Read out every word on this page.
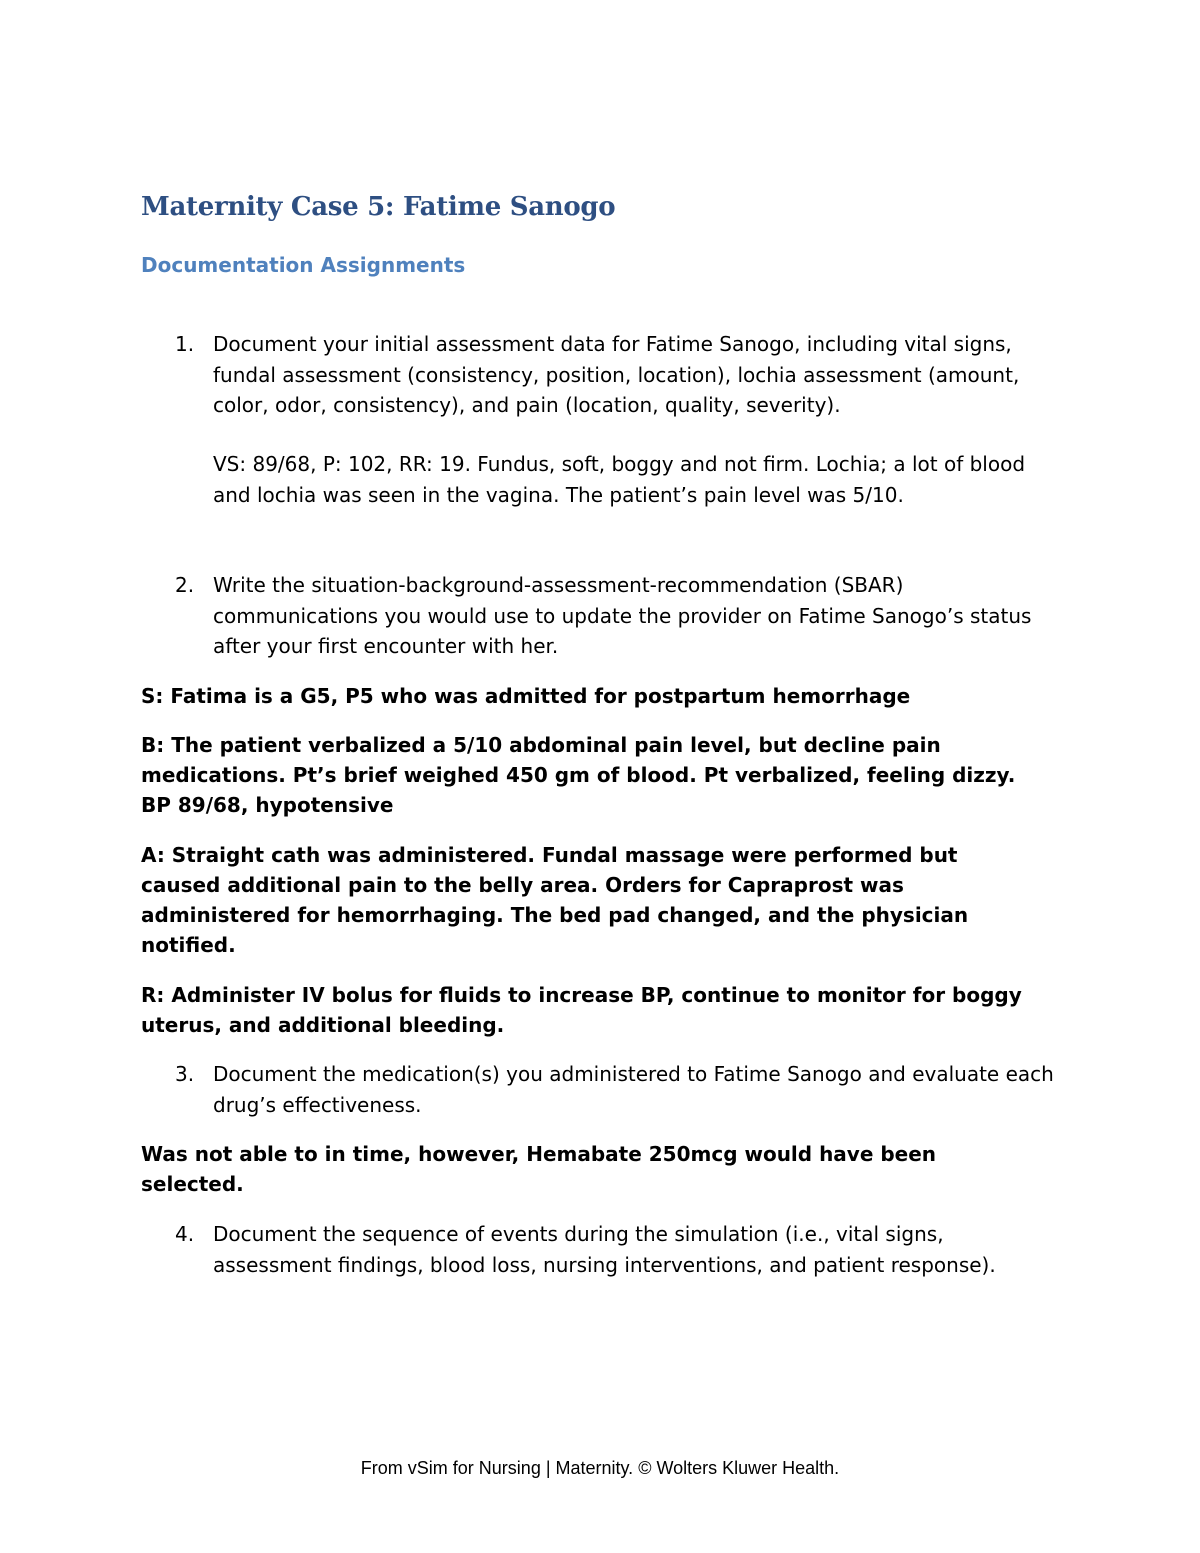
Maternity Case 5: Fatime Sanogo
Documentation Assignments
1. Document your initial assessment data for Fatime Sanogo, including vital signs, fundal assessment (consistency, position, location), lochia assessment (amount, color, odor, consistency), and pain (location, quality, severity).
VS: 89/68, P: 102, RR: 19. Fundus, soft, boggy and not firm. Lochia; a lot of blood and lochia was seen in the vagina. The patient’s pain level was 5/10.
2. Write the situation-background-assessment-recommendation (SBAR) communications you would use to update the provider on Fatime Sanogo’s status after your first encounter with her.
S: Fatima is a G5, P5 who was admitted for postpartum hemorrhage
B: The patient verbalized a 5/10 abdominal pain level, but decline pain medications. Pt’s brief weighed 450 gm of blood. Pt verbalized, feeling dizzy. BP 89/68, hypotensive
A: Straight cath was administered. Fundal massage were performed but caused additional pain to the belly area. Orders for Capraprost was administered for hemorrhaging. The bed pad changed, and the physician notified.
R: Administer IV bolus for fluids to increase BP, continue to monitor for boggy uterus, and additional bleeding.
3. Document the medication(s) you administered to Fatime Sanogo and evaluate each drug’s effectiveness.
Was not able to in time, however, Hemabate 250mcg would have been selected.
4. Document the sequence of events during the simulation (i.e., vital signs, assessment findings, blood loss, nursing interventions, and patient response).
From vSim for Nursing | Maternity. © Wolters Kluwer Health.
